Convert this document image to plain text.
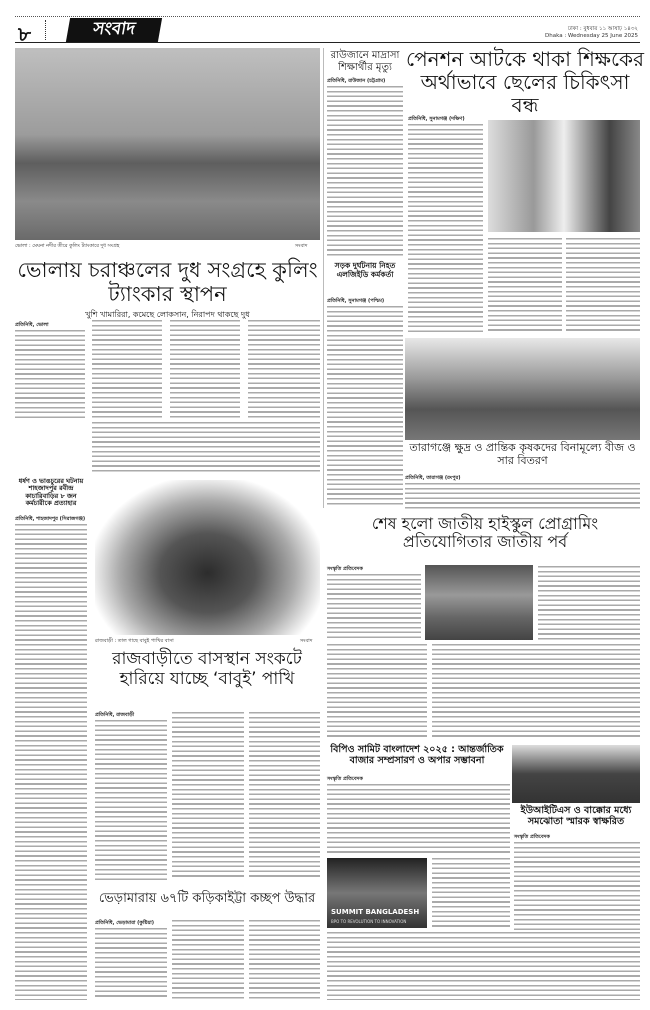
৮	সংবাদ	ঢাকা : বুধবার ১১ আষাঢ় ১৪৩২
Dhaka : Wednesday 25 June 2025
ভোলা : মেঘনা নদীর তীরে কুলিং ট্যাংকারে দুধ সংগ্রহ	সংবাদ
ভোলায় চরাঞ্চলের দুধ সংগ্রহে কুলিং ট্যাংকার স্থাপন
খুশি খামারিরা, কমেছে লোকসান, নিরাপদ থাকছে দুধ
প্রতিনিধি, ভোলা
ধর্ষণ ও ভাঙচুরের ঘটনায় শাহজাদপুর রবীন্দ্র কাচারিবাড়ির ৮ জন কর্মচারীকে প্রত্যাহার
প্রতিনিধি, শাহজাদপুর (সিরাজগঞ্জ)
রাজবাড়ী : তাল গাছে বাবুই পাখির বাসা	সংবাদ
রাজবাড়ীতে বাসস্থান সংকটে হারিয়ে যাচ্ছে ‘বাবুই’ পাখি
প্রতিনিধি, রাজবাড়ী
ভেড়ামারায় ৬৭টি কড়িকাইট্টা কচ্ছপ উদ্ধার
প্রতিনিধি, ভেড়ামারা (কুষ্টিয়া)
রাউজানে মাদ্রাসা শিক্ষার্থীর মৃত্যু
প্রতিনিধি, রাউজান (চট্টগ্রাম)
সড়ক দুর্ঘটনায় নিহত এলজিইডি কর্মকর্তা
প্রতিনিধি, সুনামগঞ্জ (পশ্চিম)
পেনশন আটকে থাকা শিক্ষকের অর্থাভাবে ছেলের চিকিৎসা বন্ধ
প্রতিনিধি, সুনামগঞ্জ (দক্ষিণ)
তারাগঞ্জে ক্ষুদ্র ও প্রান্তিক কৃষকদের বিনামূল্যে বীজ ও সার বিতরণ
প্রতিনিধি, তারাগঞ্জ (রংপুর)
শেষ হলো জাতীয় হাইস্কুল প্রোগ্রামিং প্রতিযোগিতার জাতীয় পর্ব
সংস্কৃতি প্রতিবেদক
বিপিও সামিট বাংলাদেশ ২০২৫ : আন্তর্জাতিক বাজার সম্প্রসারণ ও অপার সম্ভাবনা
সংস্কৃতি প্রতিবেদক
SUMMIT BANGLADESH
BPO TO REVOLUTION TO INNOVATION
ইউআইটিএস ও বাক্কোর মধ্যে সমঝোতা স্মারক স্বাক্ষরিত
সংস্কৃতি প্রতিবেদক
